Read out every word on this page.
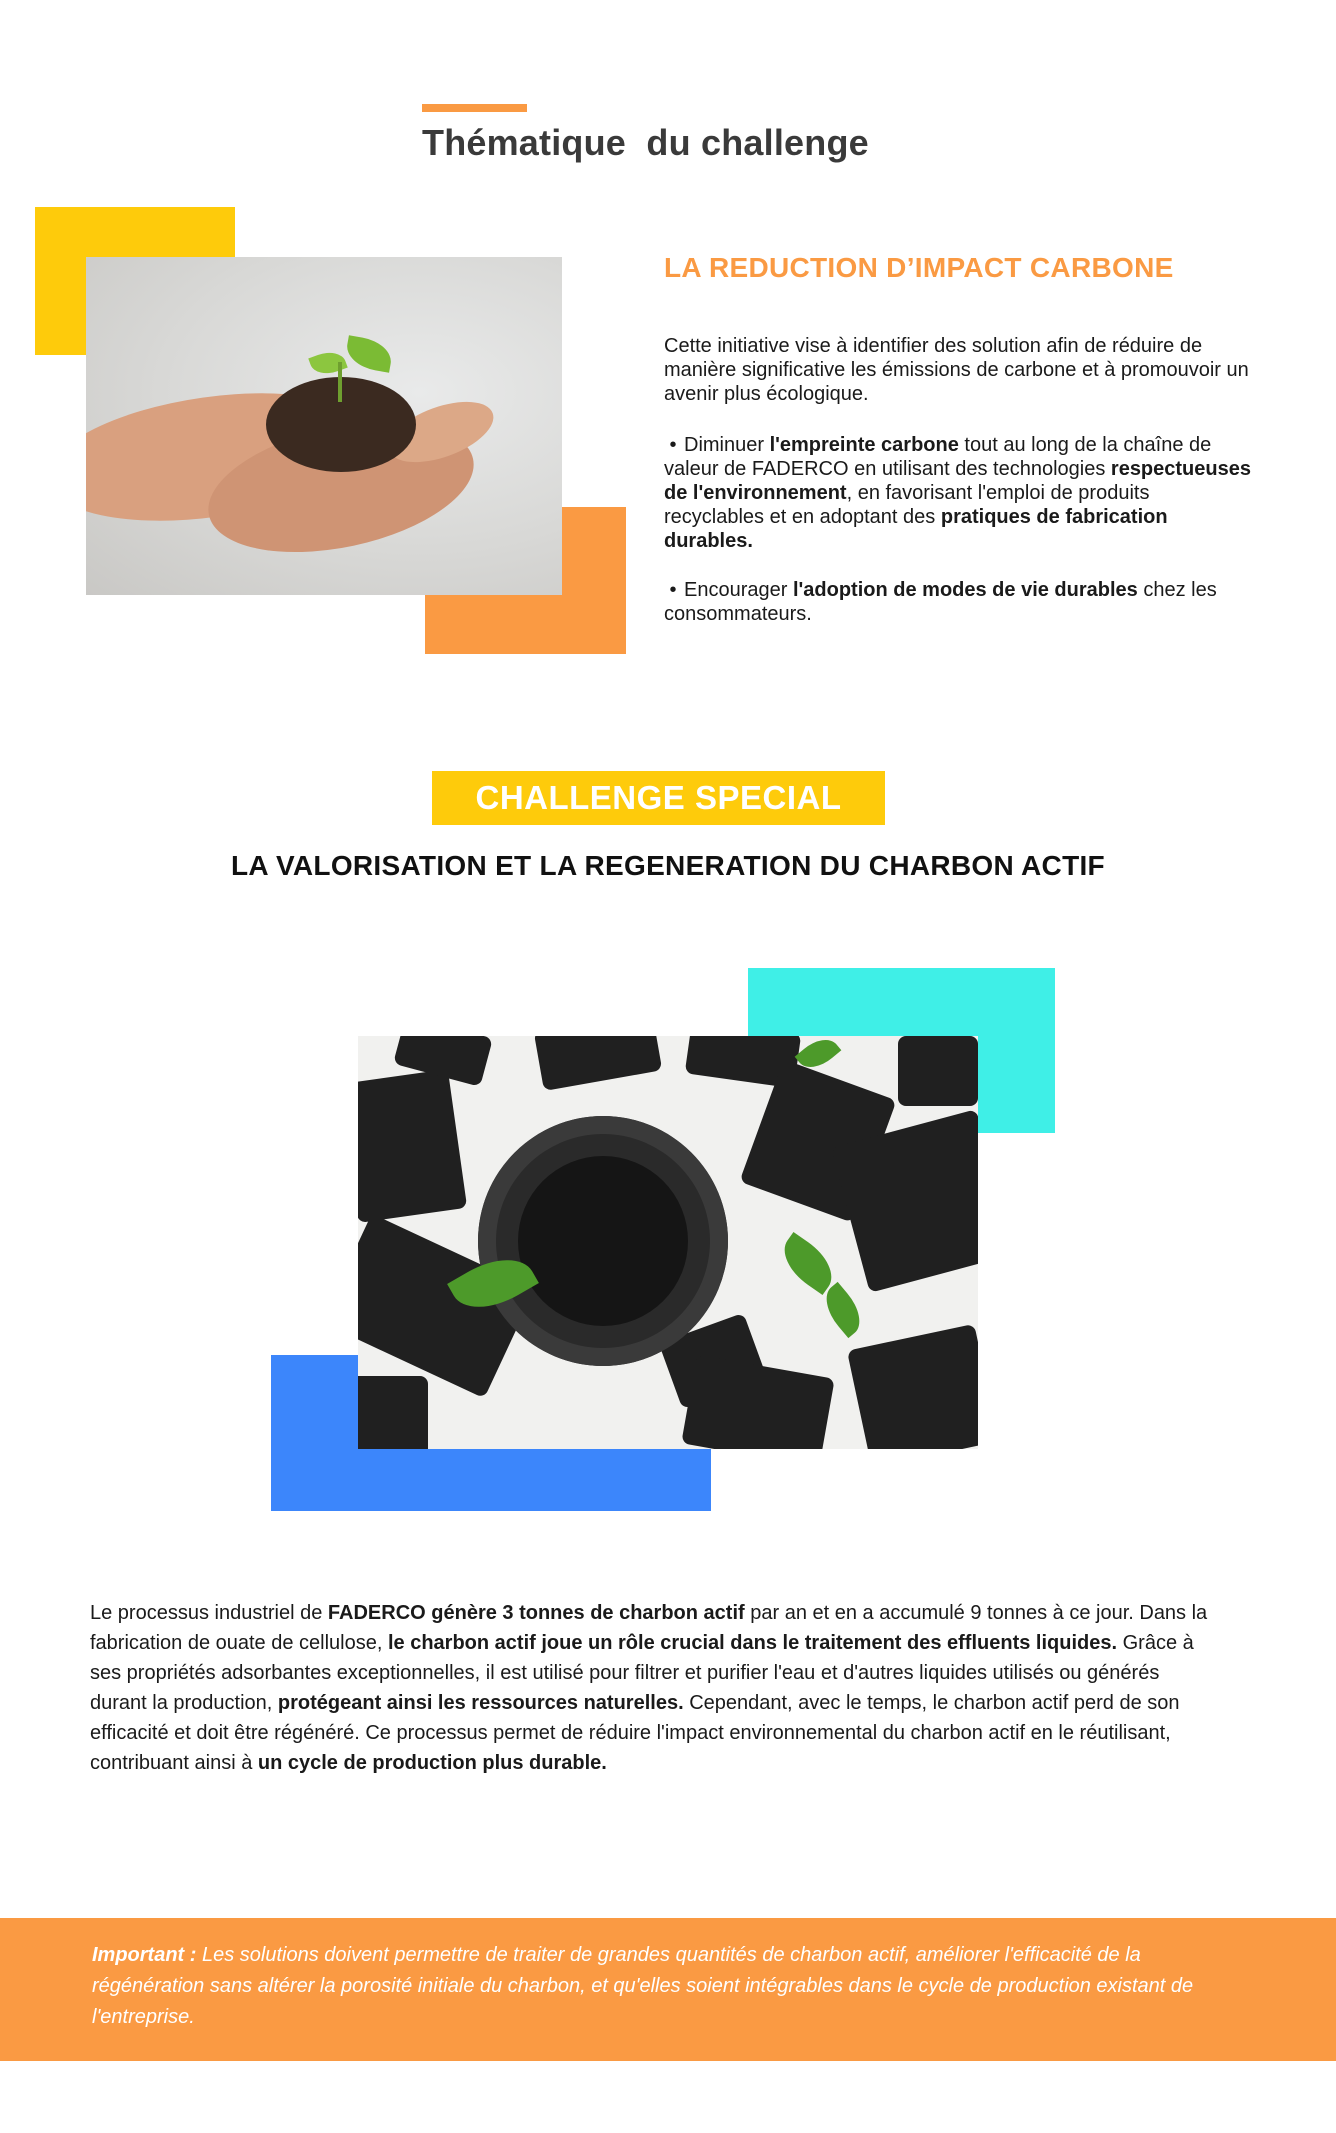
Thématique  du challenge
LA REDUCTION D’IMPACT CARBONE
Cette initiative vise à identifier des solution afin de réduire de manière significative les émissions de carbone et à promouvoir un avenir plus écologique.
• Diminuer l'empreinte carbone tout au long de la chaîne de valeur de FADERCO en utilisant des technologies respectueuses de l'environnement, en favorisant l'emploi de produits recyclables et en adoptant des pratiques de fabrication durables.
• Encourager l'adoption de modes de vie durables chez les consommateurs.
CHALLENGE SPECIAL
LA VALORISATION ET LA REGENERATION DU CHARBON ACTIF
Le processus industriel de FADERCO génère 3 tonnes de charbon actif par an et en a accumulé 9 tonnes à ce jour. Dans la fabrication de ouate de cellulose, le charbon actif joue un rôle crucial dans le traitement des effluents liquides. Grâce à ses propriétés adsorbantes exceptionnelles, il est utilisé pour filtrer et purifier l'eau et d'autres liquides utilisés ou générés durant la production, protégeant ainsi les ressources naturelles. Cependant, avec le temps, le charbon actif perd de son efficacité et doit être régénéré. Ce processus permet de réduire l'impact environnemental du charbon actif en le réutilisant, contribuant ainsi à un cycle de production plus durable.
Important : Les solutions doivent permettre de traiter de grandes quantités de charbon actif, améliorer l'efficacité de la régénération sans altérer la porosité initiale du charbon, et qu'elles soient intégrables dans le cycle de production existant de l'entreprise.
